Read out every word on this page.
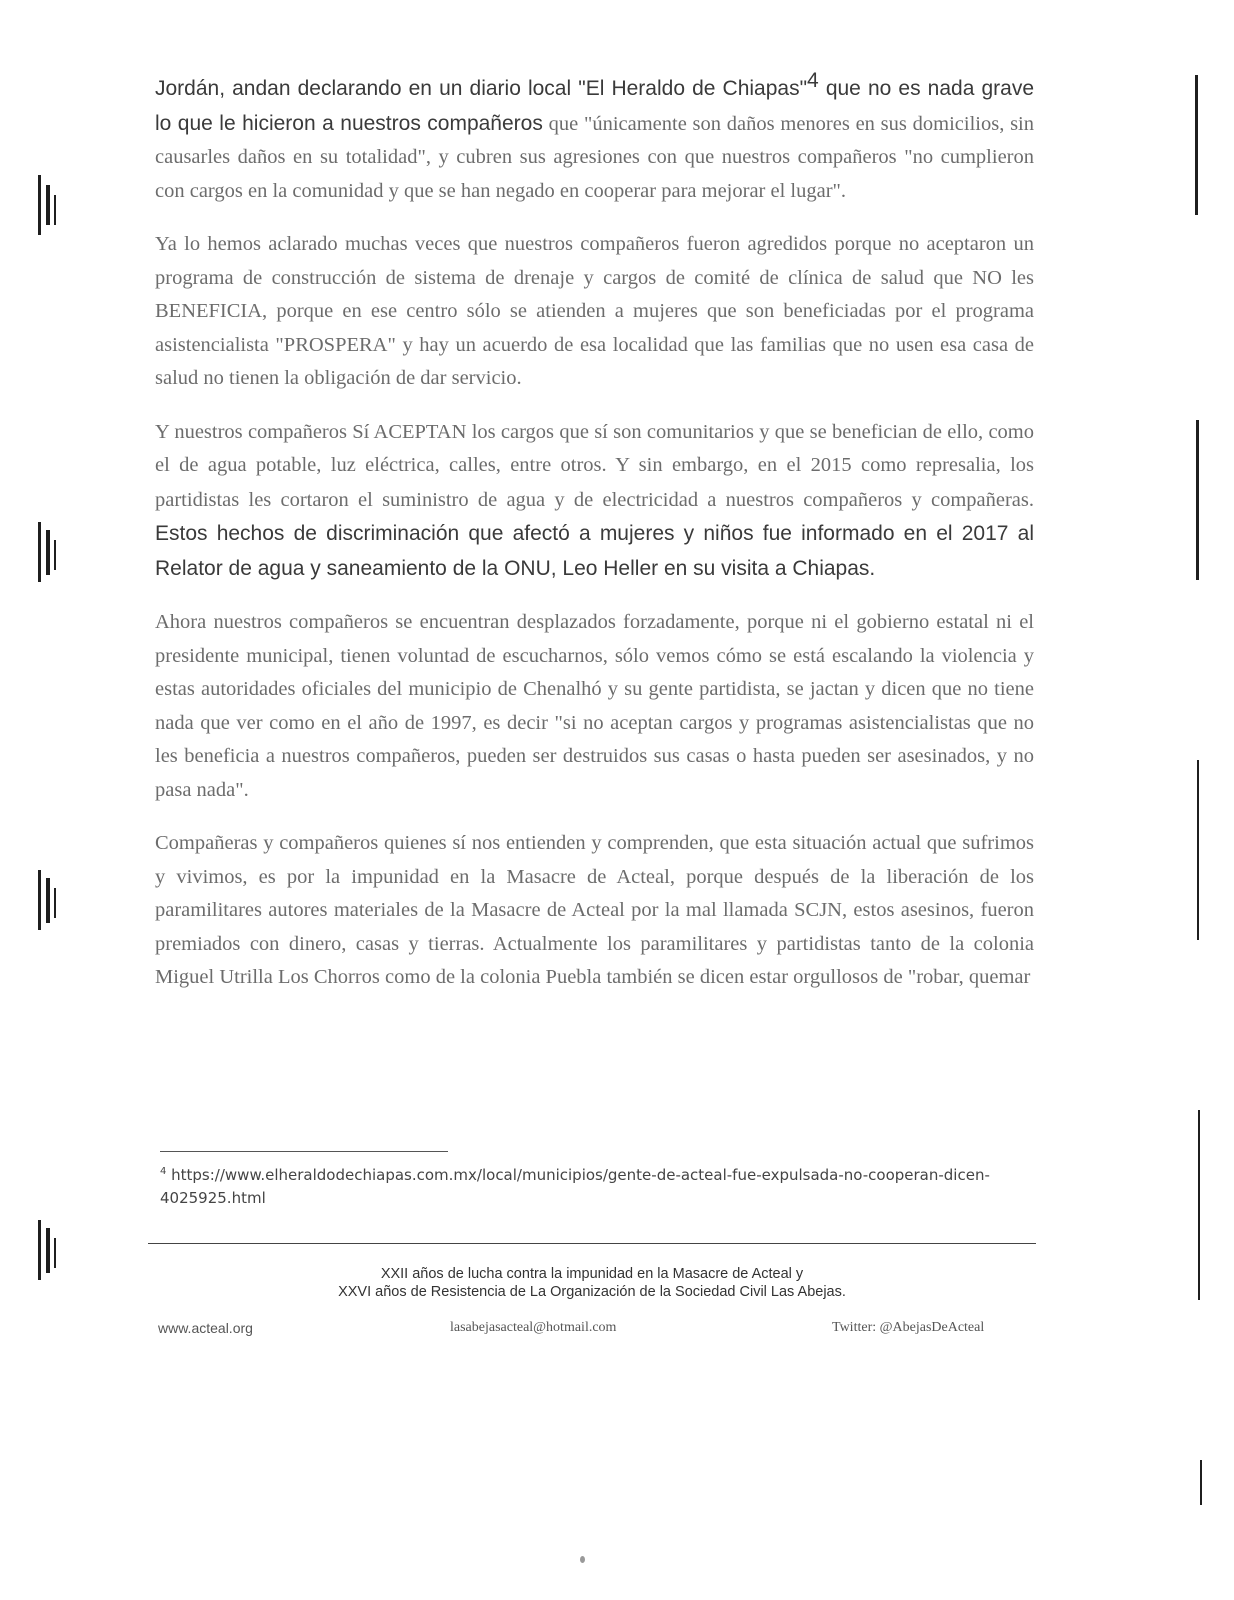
Jordán, andan declarando en un diario local "El Heraldo de Chiapas"$^4$ que no es nada grave lo que le hicieron a nuestros compañeros que "únicamente son daños menores en sus domicilios, sin causarles daños en su totalidad", y cubren sus agresiones con que nuestros compañeros "no cumplieron con cargos en la comunidad y que se han negado en cooperar para mejorar el lugar".

Ya lo hemos aclarado muchas veces que nuestros compañeros fueron agredidos porque no aceptaron un programa de construcción de sistema de drenaje y cargos de comité de clínica de salud que NO les BENEFICIA, porque en ese centro sólo se atienden a mujeres que son beneficiadas por el programa asistencialista "PROSPERA" y hay un acuerdo de esa localidad que las familias que no usen esa casa de salud no tienen la obligación de dar servicio.

Y nuestros compañeros Sí ACEPTAN los cargos que sí son comunitarios y que se benefician de ello, como el de agua potable, luz eléctrica, calles, entre otros. Y sin embargo, en el 2015 como represalia, los partidistas les cortaron el suministro de agua y de electricidad a nuestros compañeros y compañeras. Estos hechos de discriminación que afectó a mujeres y niños fue informado en el 2017 al Relator de agua y saneamiento de la ONU, Leo Heller en su visita a Chiapas.

Ahora nuestros compañeros se encuentran desplazados forzadamente, porque ni el gobierno estatal ni el presidente municipal, tienen voluntad de escucharnos, sólo vemos cómo se está escalando la violencia y estas autoridades oficiales del municipio de Chenalhó y su gente partidista, se jactan y dicen que no tiene nada que ver como en el año de 1997, es decir "si no aceptan cargos y programas asistencialistas que no les beneficia a nuestros compañeros, pueden ser destruidos sus casas o hasta pueden ser asesinados, y no pasa nada".

Compañeras y compañeros quienes sí nos entienden y comprenden, que esta situación actual que sufrimos y vivimos, es por la impunidad en la Masacre de Acteal, porque después de la liberación de los paramilitares autores materiales de la Masacre de Acteal por la mal llamada SCJN, estos asesinos, fueron premiados con dinero, casas y tierras. Actualmente los paramilitares y partidistas tanto de la colonia Miguel Utrilla Los Chorros como de la colonia Puebla también se dicen estar orgullosos de "robar, quemar

$^4$ https://www.elheraldodechiapas.com.mx/local/municipios/gente-de-acteal-fue-expulsada-no-cooperan-dicen-4025925.html
XXII años de lucha contra la impunidad en la Masacre de Acteal y
XXVI años de Resistencia de La Organización de la Sociedad Civil Las Abejas.
www.acteal.org	lasabejasacteal@hotmail.com	Twitter: @AbejasDeActeal
